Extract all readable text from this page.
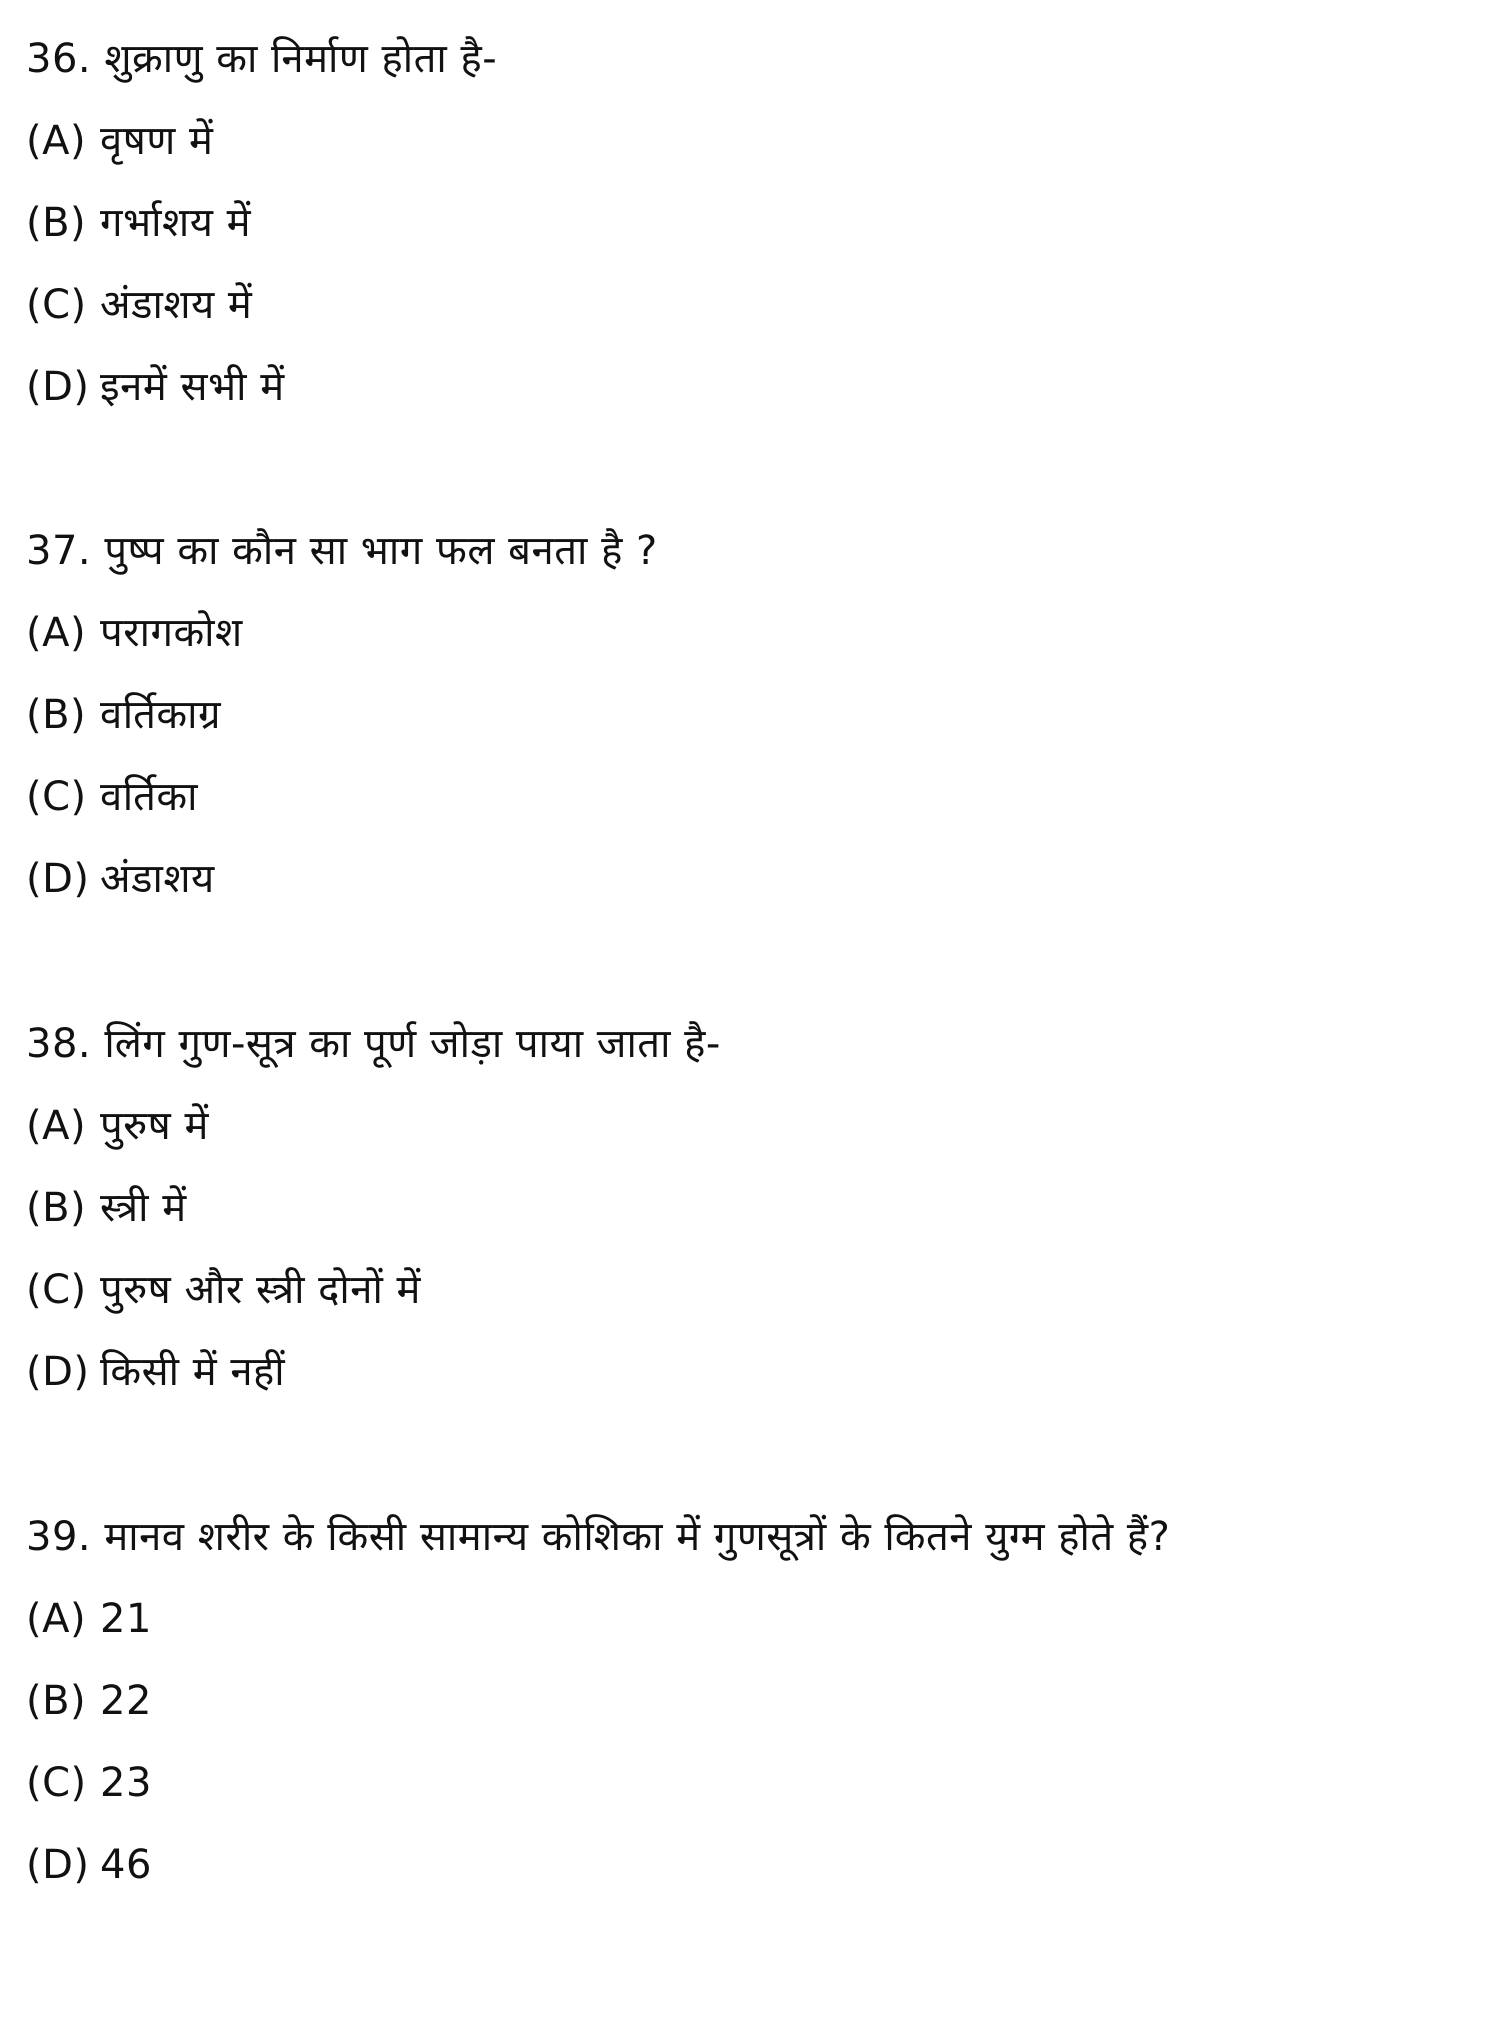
36. शुक्राणु का निर्माण होता है-
(A) वृषण में
(B) गर्भाशय में
(C) अंडाशय में
(D) इनमें सभी में
37. पुष्प का कौन सा भाग फल बनता है ?
(A) परागकोश
(B) वर्तिकाग्र
(C) वर्तिका
(D) अंडाशय
38. लिंग गुण-सूत्र का पूर्ण जोड़ा पाया जाता है-
(A) पुरुष में
(B) स्त्री में
(C) पुरुष और स्त्री दोनों में
(D) किसी में नहीं
39. मानव शरीर के किसी सामान्य कोशिका में गुणसूत्रों के कितने युग्म होते हैं?
(A) 21
(B) 22
(C) 23
(D) 46
